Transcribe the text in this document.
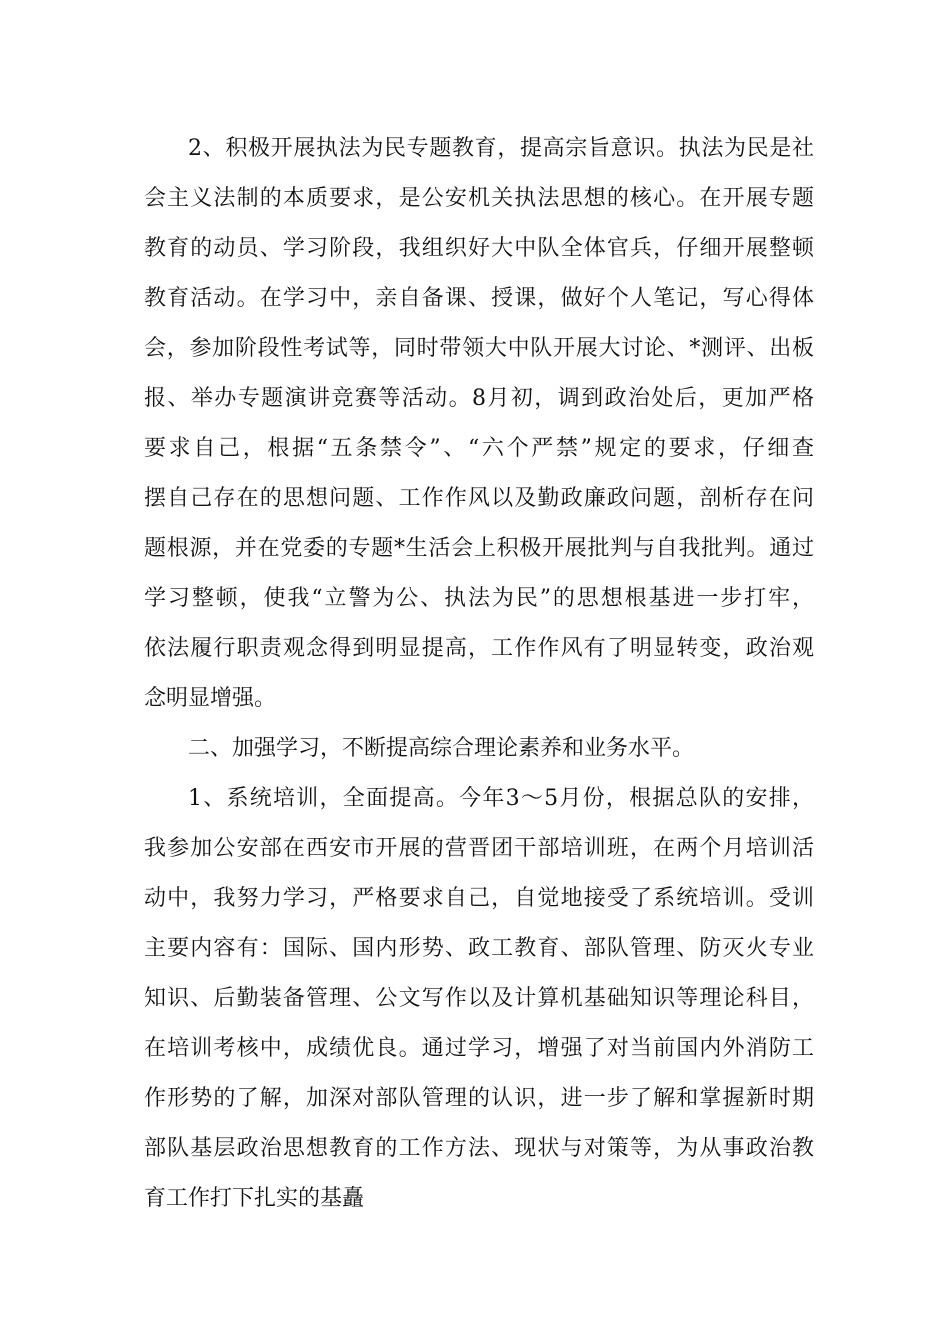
2、积极开展执法为民专题教育，提高宗旨意识。执法为民是社
会主义法制的本质要求，是公安机关执法思想的核心。在开展专题
教育的动员、学习阶段，我组织好大中队全体官兵，仔细开展整顿
教育活动。在学习中，亲自备课、授课，做好个人笔记，写心得体
会，参加阶段性考试等，同时带领大中队开展大讨论、*测评、出板
报、举办专题演讲竞赛等活动。8月初，调到政治处后，更加严格
要求自己，根据“五条禁令”、“六个严禁”规定的要求，仔细查
摆自己存在的思想问题、工作作风以及勤政廉政问题，剖析存在问
题根源，并在党委的专题*生活会上积极开展批判与自我批判。通过
学习整顿，使我“立警为公、执法为民”的思想根基进一步打牢，
依法履行职责观念得到明显提高，工作作风有了明显转变，政治观
念明显增强。
二、加强学习，不断提高综合理论素养和业务水平。
1、系统培训，全面提高。今年3～5月份，根据总队的安排，
我参加公安部在西安市开展的营晋团干部培训班，在两个月培训活
动中，我努力学习，严格要求自己，自觉地接受了系统培训。受训
主要内容有：国际、国内形势、政工教育、部队管理、防灭火专业
知识、后勤装备管理、公文写作以及计算机基础知识等理论科目，
在培训考核中，成绩优良。通过学习，增强了对当前国内外消防工
作形势的了解，加深对部队管理的认识，进一步了解和掌握新时期
部队基层政治思想教育的工作方法、现状与对策等，为从事政治教
育工作打下扎实的基矗
